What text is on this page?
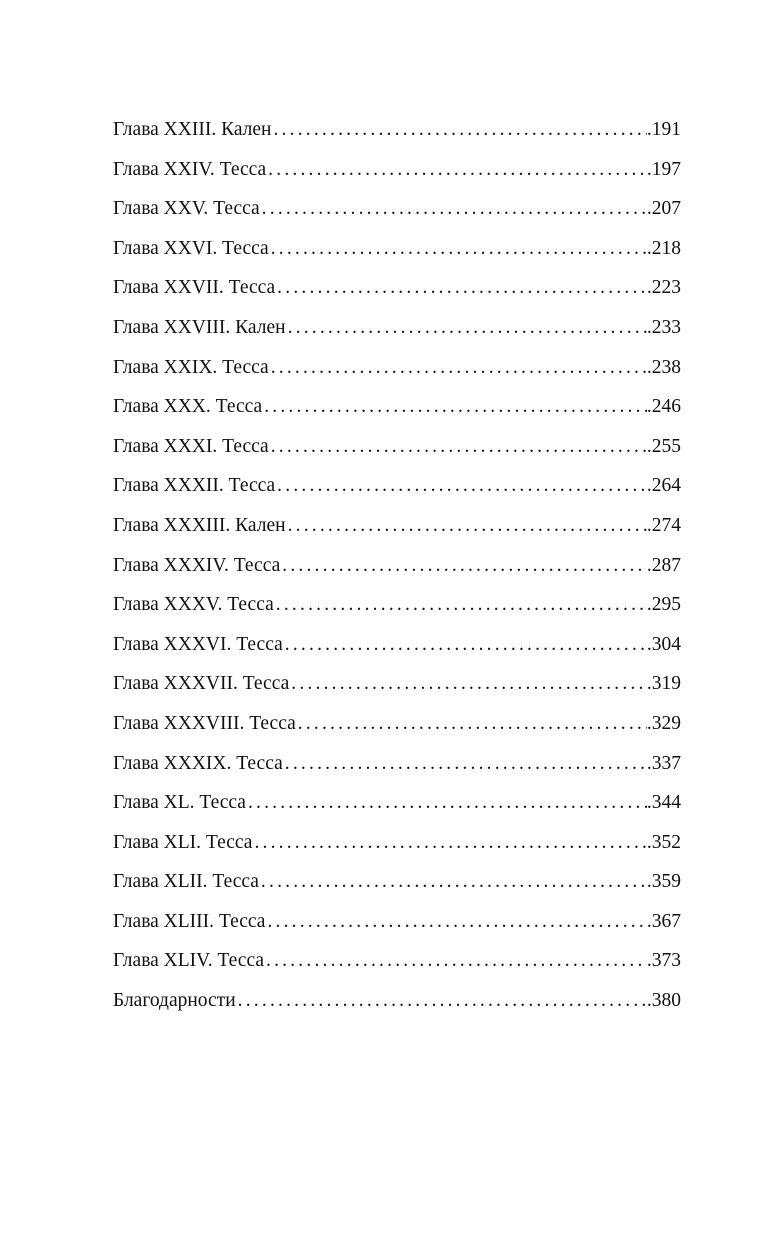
Глава XXIII. Кален .....	.191
Глава XXIV. Тесса .....	.197
Глава XXV. Тесса .....	.207
Глава XXVI. Тесса .....	.218
Глава XXVII. Тесса .....	.223
Глава XXVIII. Кален .....	.233
Глава XXIX. Тесса .....	.238
Глава XXX. Тесса .....	.246
Глава XXXI. Тесса .....	.255
Глава XXXII. Тесса .....	.264
Глава XXXIII. Кален .....	.274
Глава XXXIV. Тесса .....	.287
Глава XXXV. Тесса .....	.295
Глава XXXVI. Тесса .....	.304
Глава XXXVII. Тесса .....	.319
Глава XXXVIII. Тесса .....	.329
Глава XXXIX. Тесса .....	.337
Глава XL. Тесса .....	.344
Глава XLI. Тесса .....	.352
Глава XLII. Тесса .....	.359
Глава XLIII. Тесса .....	.367
Глава XLIV. Тесса .....	.373
Благодарности .....	.380
